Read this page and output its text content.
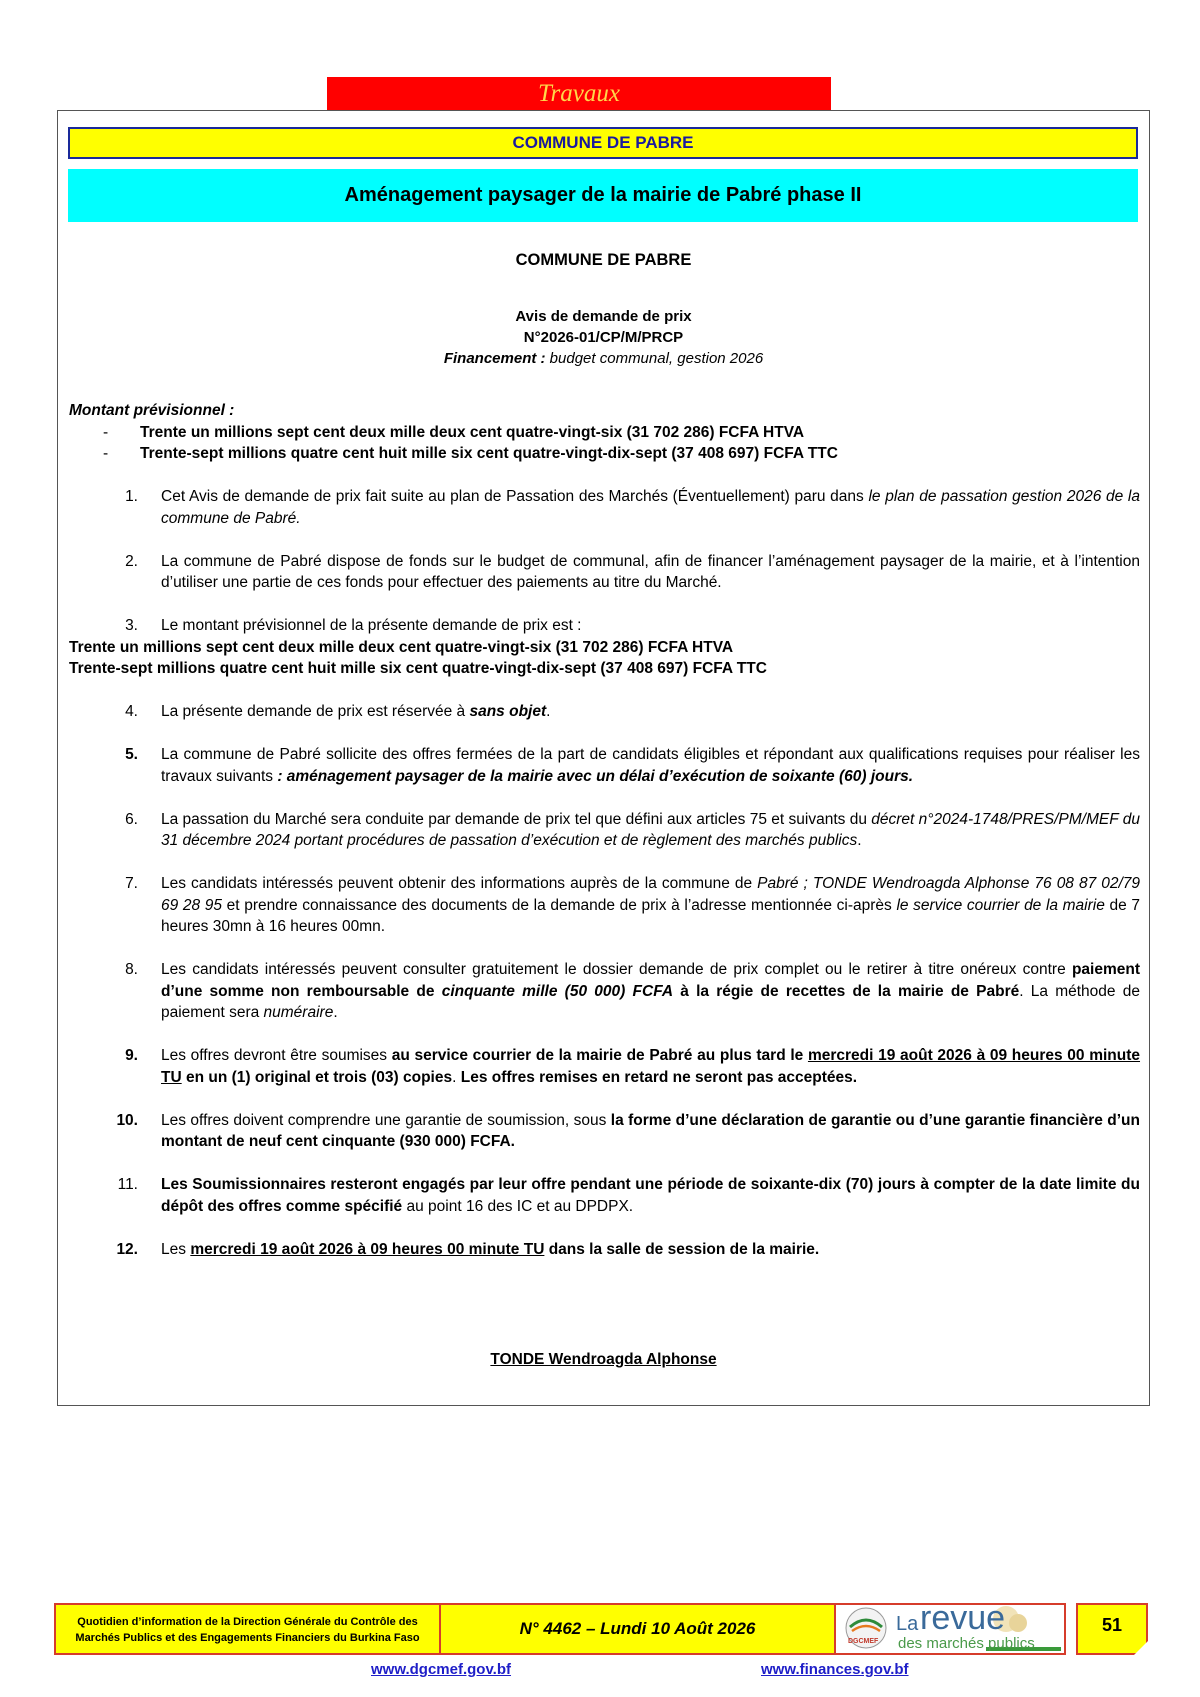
Travaux
COMMUNE DE PABRE
Aménagement paysager de la mairie de Pabré phase II
COMMUNE DE PABRE
Avis de demande de prix
N°2026-01/CP/M/PRCP
Financement : budget communal, gestion 2026

Montant prévisionnel :

-	Trente un millions sept cent deux mille deux cent quatre-vingt-six (31 702 286) FCFA HTVA
-	Trente-sept millions quatre cent huit mille six cent quatre-vingt-dix-sept (37 408 697) FCFA TTC
1.	Cet Avis de demande de prix fait suite au plan de Passation des Marchés (Éventuellement) paru dans le plan de passation gestion 2026 de la commune de Pabré.
2.	La commune de Pabré dispose de fonds sur le budget de communal, afin de financer l’aménagement paysager de la mairie, et à l’intention d’utiliser une partie de ces fonds pour effectuer des paiements au titre du Marché.
3.	Le montant prévisionnel de la présente demande de prix est :

Trente un millions sept cent deux mille deux cent quatre-vingt-six (31 702 286) FCFA HTVA

Trente-sept millions quatre cent huit mille six cent quatre-vingt-dix-sept (37 408 697) FCFA TTC

4.	La présente demande de prix est réservée à sans objet.
5.	La commune de Pabré sollicite des offres fermées de la part de candidats éligibles et répondant aux qualifications requises pour réaliser les travaux suivants : aménagement paysager de la mairie avec un délai d’exécution de soixante (60) jours.
6.	La passation du Marché sera conduite par demande de prix tel que défini aux articles 75 et suivants du décret n°2024-1748/PRES/PM/MEF du 31 décembre 2024 portant procédures de passation d’exécution et de règlement des marchés publics.
7.	Les candidats intéressés peuvent obtenir des informations auprès de la commune de Pabré ; TONDE Wendroagda Alphonse 76 08 87 02/79 69 28 95 et prendre connaissance des documents de la demande de prix à l’adresse mentionnée ci-après le service courrier de la mairie de 7 heures 30mn à 16 heures 00mn.
8.	Les candidats intéressés peuvent consulter gratuitement le dossier demande de prix complet ou le retirer à titre onéreux contre paiement d’une somme non remboursable de cinquante mille (50 000) FCFA à la régie de recettes de la mairie de Pabré. La méthode de paiement sera numéraire.
9.	Les offres devront être soumises au service courrier de la mairie de Pabré au plus tard le mercredi 19 août 2026 à 09 heures 00 minute TU en un (1) original et trois (03) copies. Les offres remises en retard ne seront pas acceptées.
10.	Les offres doivent comprendre une garantie de soumission, sous la forme d’une déclaration de garantie ou d’une garantie financière d’un montant de neuf cent cinquante (930 000) FCFA.
11.	Les Soumissionnaires resteront engagés par leur offre pendant une période de soixante-dix (70) jours à compter de la date limite du dépôt des offres comme spécifié au point 16 des IC et au DPDPX.
12.	Les mercredi 19 août 2026 à 09 heures 00 minute TU dans la salle de session de la mairie.
TONDE Wendroagda Alphonse
Quotidien d’information de la Direction Générale du Contrôle des
Marchés Publics et des Engagements Financiers du Burkina Faso	N° 4462 – Lundi 10 Août 2026
DGCMEF
La revue
des marchés publics
51
www.dgcmef.gov.bf	www.finances.gov.bf
